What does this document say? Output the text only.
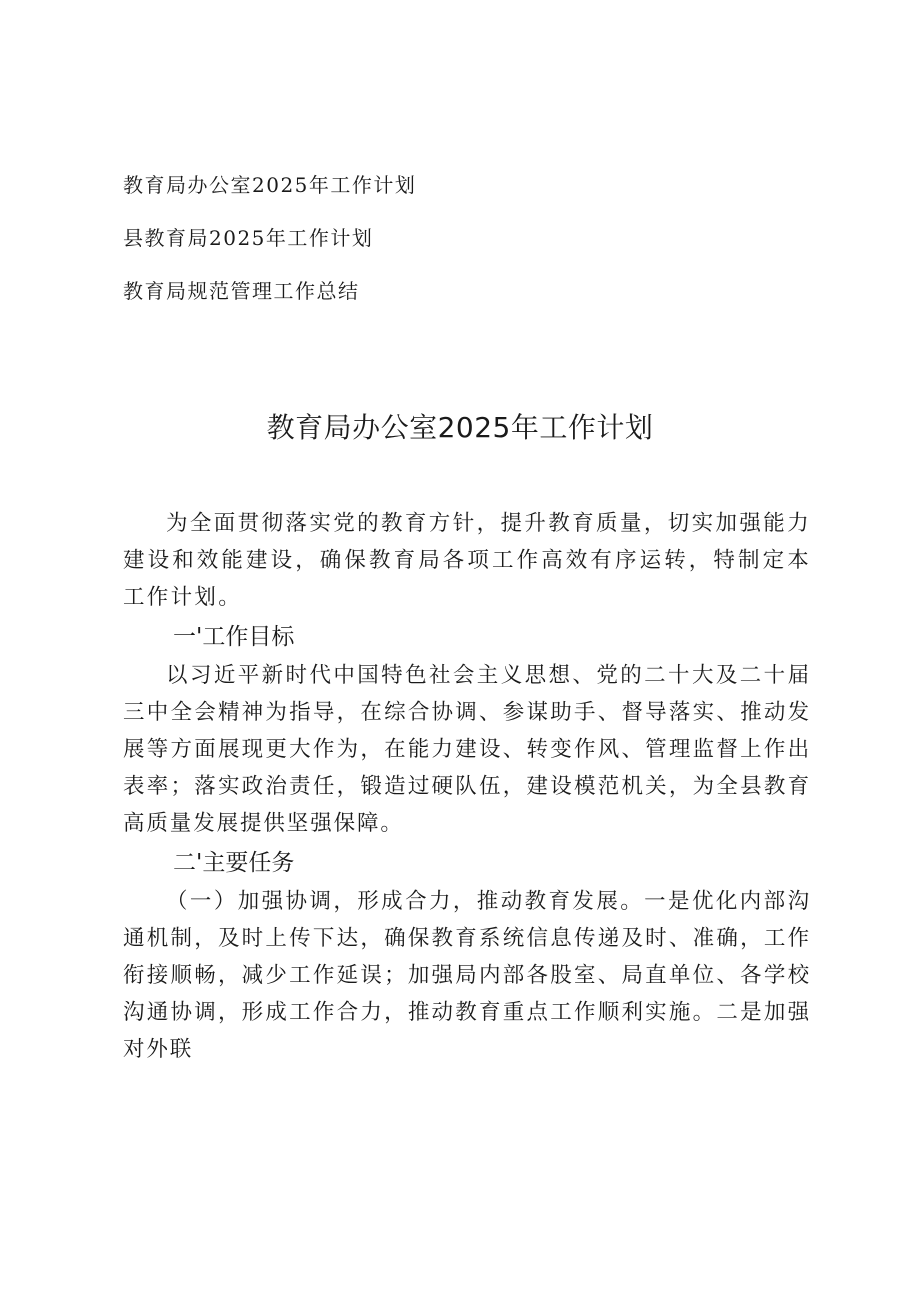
教育局办公室2025年工作计划
县教育局2025年工作计划
教育局规范管理工作总结
教育局办公室2025年工作计划

为全面贯彻落实党的教育方针，提升教育质量，切实加强能力建设和效能建设，确保教育局各项工作高效有序运转，特制定本工作计划。

一'工作目标

以习近平新时代中国特色社会主义思想、党的二十大及二十届三中全会精神为指导，在综合协调、参谋助手、督导落实、推动发展等方面展现更大作为，在能力建设、转变作风、管理监督上作出表率；落实政治责任，锻造过硬队伍，建设模范机关，为全县教育高质量发展提供坚强保障。

二'主要任务

（一）加强协调，形成合力，推动教育发展。一是优化内部沟通机制，及时上传下达，确保教育系统信息传递及时、准确，工作衔接顺畅，减少工作延误；加强局内部各股室、局直单位、各学校沟通协调，形成工作合力，推动教育重点工作顺利实施。二是加强对外联
